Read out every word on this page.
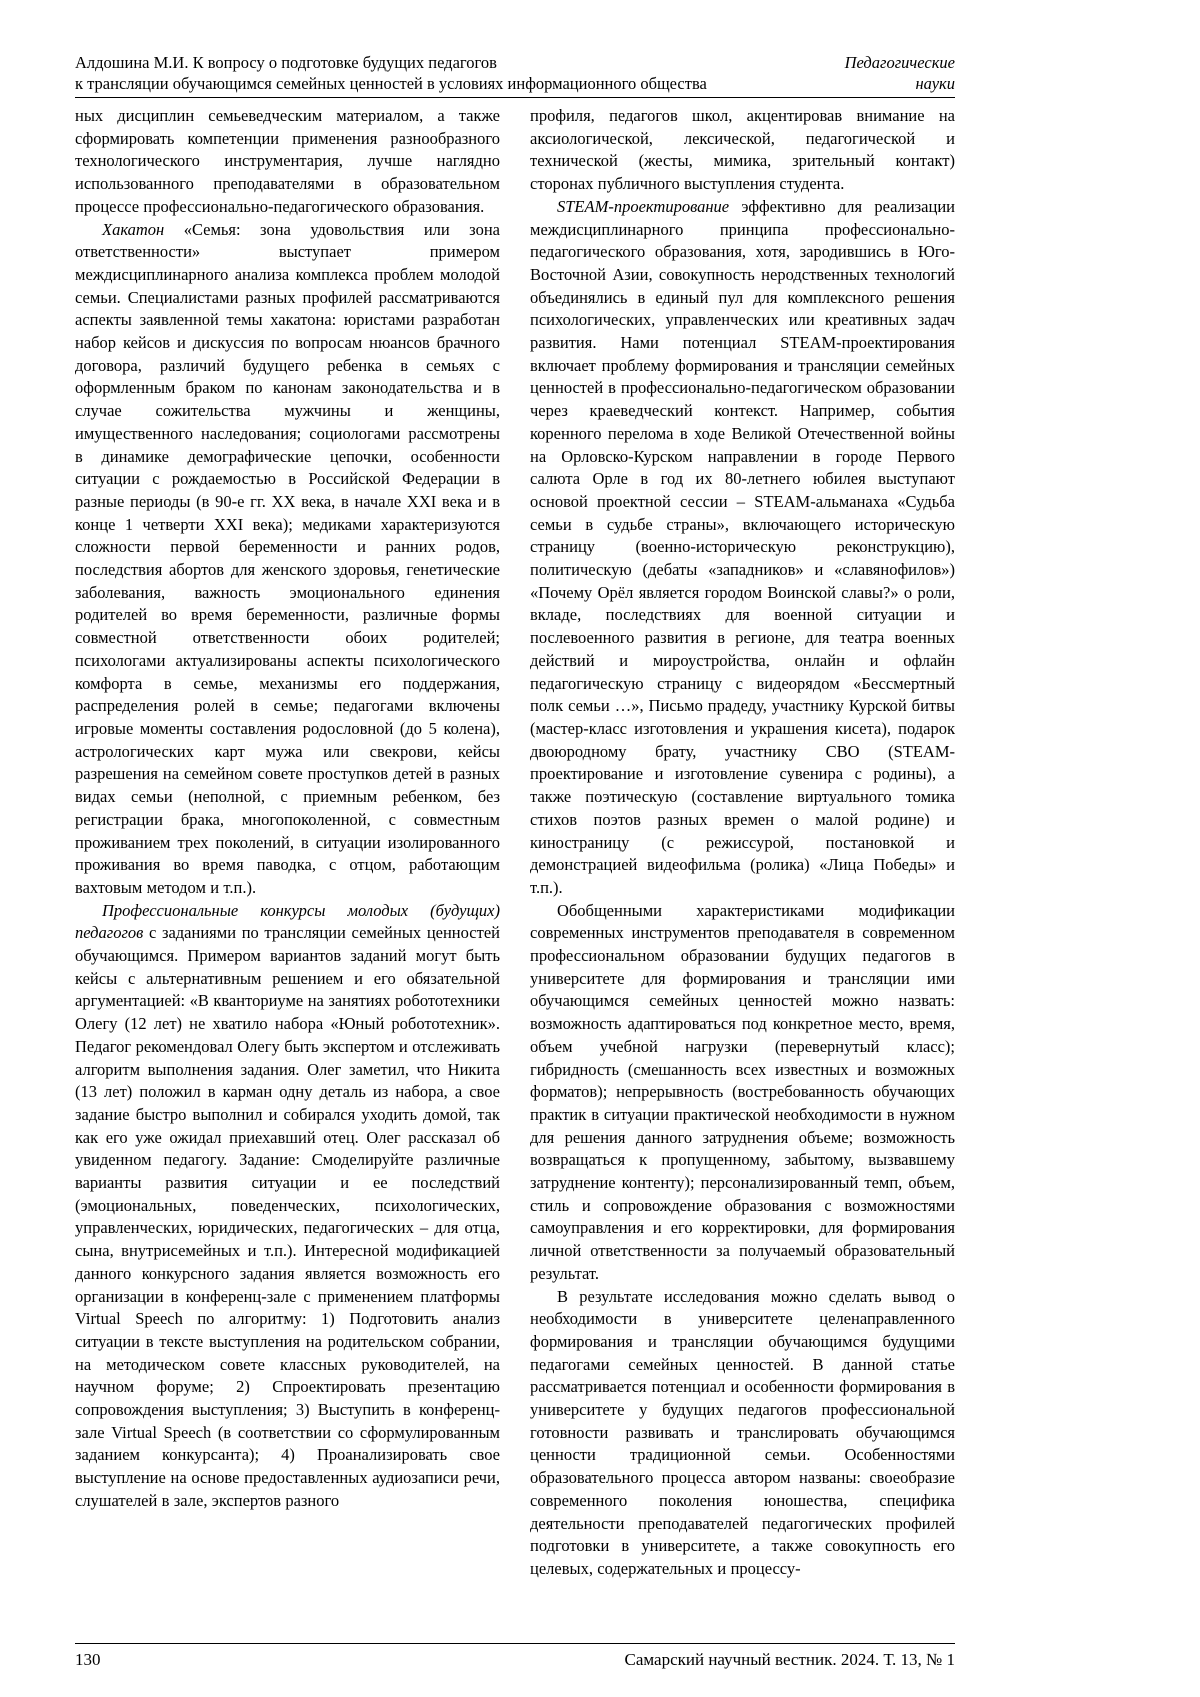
Алдошина М.И. К вопросу о подготовке будущих педагогов
к трансляции обучающимся семейных ценностей в условиях информационного общества
Педагогические
науки

ных дисциплин семьеведческим материалом, а также сформировать компетенции применения разнообразного технологического инструментария, лучше наглядно использованного преподавателями в образовательном процессе профессионально-педагогического образования.

Хакатон «Семья: зона удовольствия или зона ответственности» выступает примером междисциплинарного анализа комплекса проблем молодой семьи. Специалистами разных профилей рассматриваются аспекты заявленной темы хакатона: юристами разработан набор кейсов и дискуссия по вопросам нюансов брачного договора, различий будущего ребенка в семьях с оформленным браком по канонам законодательства и в случае сожительства мужчины и женщины, имущественного наследования; социологами рассмотрены в динамике демографические цепочки, особенности ситуации с рождаемостью в Российской Федерации в разные периоды (в 90-е гг. XX века, в начале XXI века и в конце 1 четверти XXI века); медиками характеризуются сложности первой беременности и ранних родов, последствия абортов для женского здоровья, генетические заболевания, важность эмоционального единения родителей во время беременности, различные формы совместной ответственности обоих родителей; психологами актуализированы аспекты психологического комфорта в семье, механизмы его поддержания, распределения ролей в семье; педагогами включены игровые моменты составления родословной (до 5 колена), астрологических карт мужа или свекрови, кейсы разрешения на семейном совете проступков детей в разных видах семьи (неполной, с приемным ребенком, без регистрации брака, многопоколенной, с совместным проживанием трех поколений, в ситуации изолированного проживания во время паводка, с отцом, работающим вахтовым методом и т.п.).

Профессиональные конкурсы молодых (будущих) педагогов с заданиями по трансляции семейных ценностей обучающимся. Примером вариантов заданий могут быть кейсы с альтернативным решением и его обязательной аргументацией: «В кванториуме на занятиях робототехники Олегу (12 лет) не хватило набора «Юный робототехник». Педагог рекомендовал Олегу быть экспертом и отслеживать алгоритм выполнения задания. Олег заметил, что Никита (13 лет) положил в карман одну деталь из набора, а свое задание быстро выполнил и собирался уходить домой, так как его уже ожидал приехавший отец. Олег рассказал об увиденном педагогу. Задание: Смоделируйте различные варианты развития ситуации и ее последствий (эмоциональных, поведенческих, психологических, управленческих, юридических, педагогических – для отца, сына, внутрисемейных и т.п.). Интересной модификацией данного конкурсного задания является возможность его организации в конференц-зале с применением платформы Virtual Speech по алгоритму: 1) Подготовить анализ ситуации в тексте выступления на родительском собрании, на методическом совете классных руководителей, на научном форуме; 2) Спроектировать презентацию сопровождения выступления; 3) Выступить в конференц-зале Virtual Speech (в соответствии со сформулированным заданием конкурсанта); 4) Проанализировать свое выступление на основе предоставленных аудиозаписи речи, слушателей в зале, экспертов разного

профиля, педагогов школ, акцентировав внимание на аксиологической, лексической, педагогической и технической (жесты, мимика, зрительный контакт) сторонах публичного выступления студента.

STEAM-проектирование эффективно для реализации междисциплинарного принципа профессионально-педагогического образования, хотя, зародившись в Юго-Восточной Азии, совокупность неродственных технологий объединялись в единый пул для комплексного решения психологических, управленческих или креативных задач развития. Нами потенциал STEAM-проектирования включает проблему формирования и трансляции семейных ценностей в профессионально-педагогическом образовании через краеведческий контекст. Например, события коренного перелома в ходе Великой Отечественной войны на Орловско-Курском направлении в городе Первого салюта Орле в год их 80-летнего юбилея выступают основой проектной сессии – STEAM-альманаха «Судьба семьи в судьбе страны», включающего историческую страницу (военно-историческую реконструкцию), политическую (дебаты «западников» и «славянофилов») «Почему Орёл является городом Воинской славы?» о роли, вкладе, последствиях для военной ситуации и послевоенного развития в регионе, для театра военных действий и мироустройства, онлайн и офлайн педагогическую страницу с видеорядом «Бессмертный полк семьи …», Письмо прадеду, участнику Курской битвы (мастер-класс изготовления и украшения кисета), подарок двоюродному брату, участнику СВО (STEAM-проектирование и изготовление сувенира с родины), а также поэтическую (составление виртуального томика стихов поэтов разных времен о малой родине) и киностраницу (с режиссурой, постановкой и демонстрацией видеофильма (ролика) «Лица Победы» и т.п.).

Обобщенными характеристиками модификации современных инструментов преподавателя в современном профессиональном образовании будущих педагогов в университете для формирования и трансляции ими обучающимся семейных ценностей можно назвать: возможность адаптироваться под конкретное место, время, объем учебной нагрузки (перевернутый класс); гибридность (смешанность всех известных и возможных форматов); непрерывность (востребованность обучающих практик в ситуации практической необходимости в нужном для решения данного затруднения объеме; возможность возвращаться к пропущенному, забытому, вызвавшему затруднение контенту); персонализированный темп, объем, стиль и сопровождение образования с возможностями самоуправления и его корректировки, для формирования личной ответственности за получаемый образовательный результат.

В результате исследования можно сделать вывод о необходимости в университете целенаправленного формирования и трансляции обучающимся будущими педагогами семейных ценностей. В данной статье рассматривается потенциал и особенности формирования в университете у будущих педагогов профессиональной готовности развивать и транслировать обучающимся ценности традиционной семьи. Особенностями образовательного процесса автором названы: своеобразие современного поколения юношества, специфика деятельности преподавателей педагогических профилей подготовки в университете, а также совокупность его целевых, содержательных и процессу-

130	Самарский научный вестник. 2024. Т. 13, № 1
